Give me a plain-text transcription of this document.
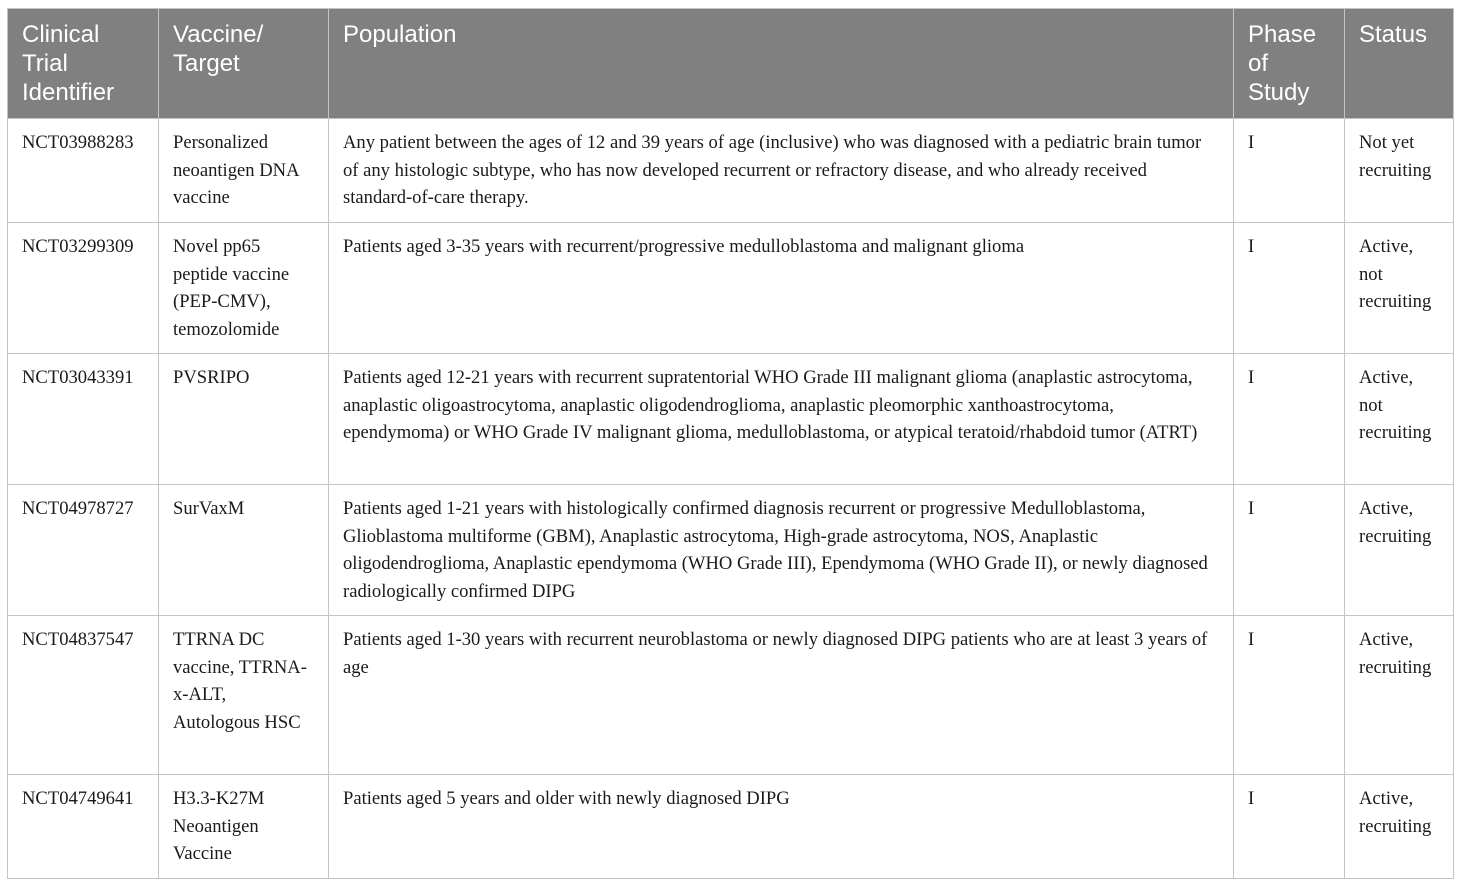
Clinical Trial Identifier	Vaccine/ Target	Population	Phase of Study	Status
NCT03988283	Personalized neoantigen DNA vaccine	Any patient between the ages of 12 and 39 years of age (inclusive) who was diagnosed with a pediatric brain tumor of any histologic subtype, who has now developed recurrent or refractory disease, and who already received standard-of-care therapy.	I	Not yet recruiting
NCT03299309	Novel pp65 peptide vaccine (PEP-CMV), temozolomide	Patients aged 3-35 years with recurrent/progressive medulloblastoma and malignant glioma	I	Active, not recruiting
NCT03043391	PVSRIPO	Patients aged 12-21 years with recurrent supratentorial WHO Grade III malignant glioma (anaplastic astrocytoma, anaplastic oligoastrocytoma, anaplastic oligodendroglioma, anaplastic pleomorphic xanthoastrocytoma, ependymoma) or WHO Grade IV malignant glioma, medulloblastoma, or atypical teratoid/rhabdoid tumor (ATRT)	I	Active, not recruiting
NCT04978727	SurVaxM	Patients aged 1-21 years with histologically confirmed diagnosis recurrent or progressive Medulloblastoma, Glioblastoma multiforme (GBM), Anaplastic astrocytoma, High-grade astrocytoma, NOS, Anaplastic oligodendroglioma, Anaplastic ependymoma (WHO Grade III), Ependymoma (WHO Grade II), or newly diagnosed radiologically confirmed DIPG	I	Active, recruiting
NCT04837547	TTRNA DC vaccine, TTRNA-x-ALT, Autologous HSC	Patients aged 1-30 years with recurrent neuroblastoma or newly diagnosed DIPG patients who are at least 3 years of age	I	Active, recruiting
NCT04749641	H3.3-K27M Neoantigen Vaccine	Patients aged 5 years and older with newly diagnosed DIPG	I	Active, recruiting
